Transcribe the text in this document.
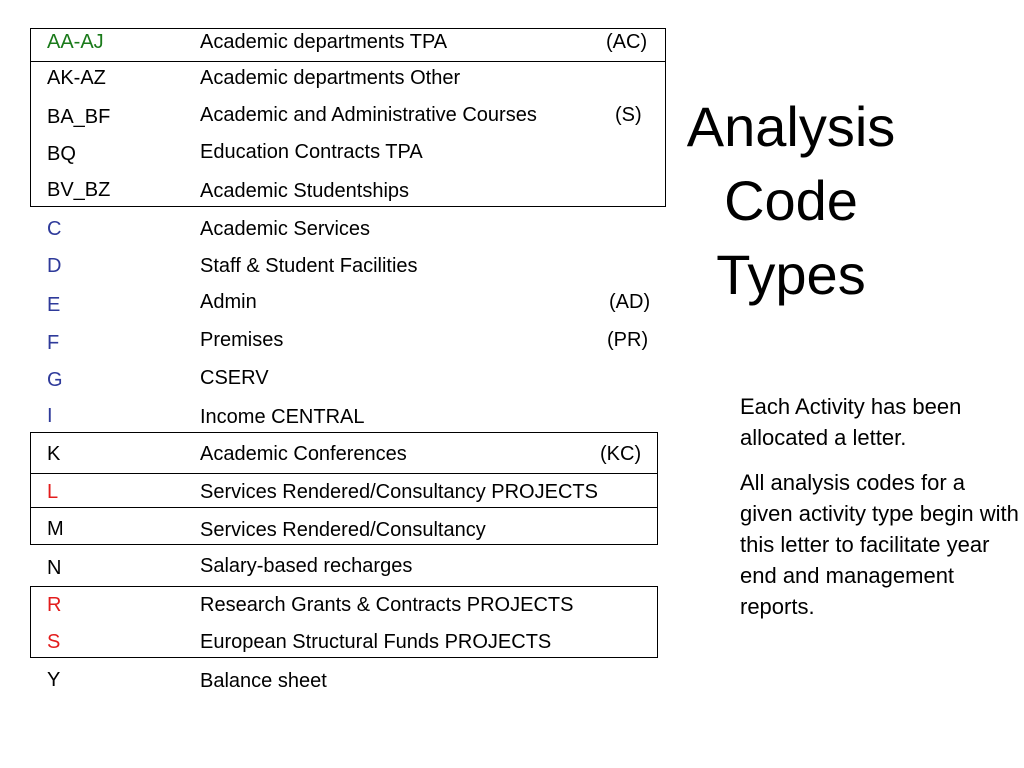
AA-AJ	Academic departments TPA	(AC)
AK-AZ	Academic departments Other
BA_BF	Academic and Administrative Courses	(S)
BQ	Education Contracts TPA
BV_BZ	Academic Studentships
C	Academic Services
D	Staff & Student Facilities
E	Admin	(AD)
F	Premises	(PR)
G	CSERV
I	Income CENTRAL
K	Academic Conferences	(KC)
L	Services Rendered/Consultancy PROJECTS
M	Services Rendered/Consultancy
N	Salary-based recharges
R	Research Grants & Contracts PROJECTS
S	European Structural Funds PROJECTS
Y	Balance sheet
Analysis
Code
Types

Each Activity has been allocated a letter.

All analysis codes for a given activity type begin with this letter to facilitate year end and management reports.
